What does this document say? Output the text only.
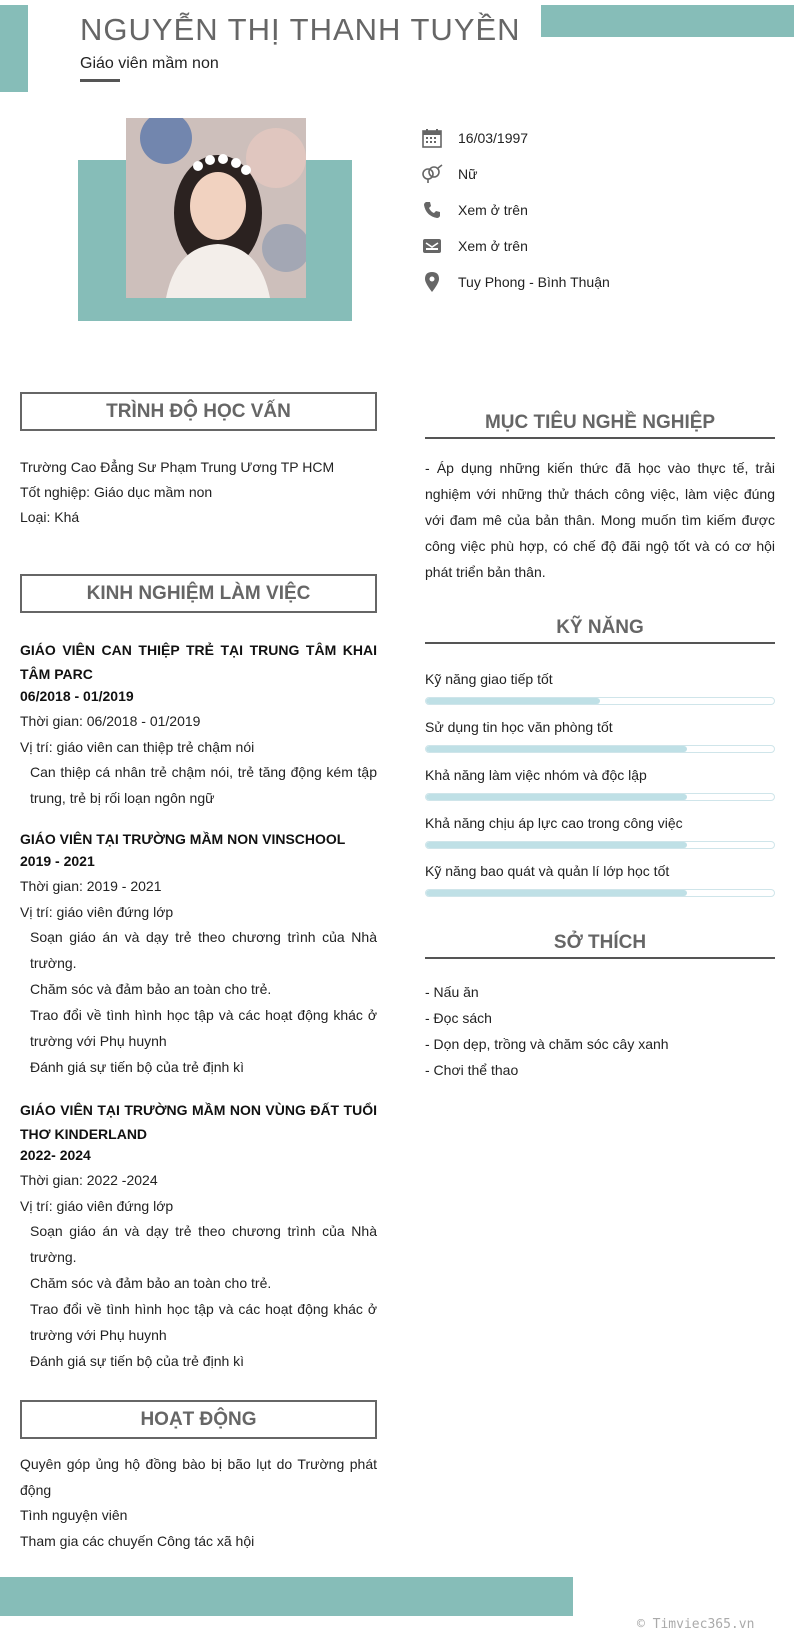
NGUYỄN THỊ THANH TUYỀN
Giáo viên mầm non
16/03/1997
Nữ
Xem ở trên
Xem ở trên
Tuy Phong - Bình Thuận
TRÌNH ĐỘ HỌC VẤN
Trường Cao Đẳng Sư Phạm Trung Ương TP HCM
Tốt nghiệp: Giáo dục mầm non
Loại: Khá
KINH NGHIỆM LÀM VIỆC
GIÁO VIÊN CAN THIỆP TRẺ TẠI TRUNG TÂM KHAI TÂM PARC
06/2018 - 01/2019
Thời gian: 06/2018 - 01/2019
Vị trí: giáo viên can thiệp trẻ chậm nói
Can thiệp cá nhân trẻ chậm nói, trẻ tăng động kém tập trung, trẻ bị rối loạn ngôn ngữ
GIÁO VIÊN TẠI TRƯỜNG MẦM NON VINSCHOOL
2019 - 2021
Thời gian: 2019 - 2021
Vị trí: giáo viên đứng lớp
Soạn giáo án và dạy trẻ theo chương trình của Nhà trường.
Chăm sóc và đảm bảo an toàn cho trẻ.
Trao đổi về tình hình học tập và các hoạt động khác ở trường với Phụ huynh
Đánh giá sự tiến bộ của trẻ định kì
GIÁO VIÊN TẠI TRƯỜNG MẦM NON VÙNG ĐẤT TUỔI THƠ KINDERLAND
2022- 2024
Thời gian: 2022 -2024
Vị trí: giáo viên đứng lớp
Soạn giáo án và dạy trẻ theo chương trình của Nhà trường.
Chăm sóc và đảm bảo an toàn cho trẻ.
Trao đổi về tình hình học tập và các hoạt động khác ở trường với Phụ huynh
Đánh giá sự tiến bộ của trẻ định kì
HOẠT ĐỘNG
Quyên góp ủng hộ đồng bào bị bão lụt do Trường phát động
Tình nguyện viên
Tham gia các chuyến Công tác xã hội
MỤC TIÊU NGHỀ NGHIỆP
- Áp dụng những kiến thức đã học vào thực tế, trải nghiệm với những thử thách công việc, làm việc đúng với đam mê của bản thân. Mong muốn tìm kiếm được công việc phù hợp, có chế độ đãi ngộ tốt và có cơ hội phát triển bản thân.
KỸ NĂNG
Kỹ năng giao tiếp tốt
Sử dụng tin học văn phòng tốt
Khả năng làm việc nhóm và độc lập
Khả năng chịu áp lực cao trong công việc
Kỹ năng bao quát và quản lí lớp học tốt
SỞ THÍCH
- Nấu ăn
- Đọc sách
- Dọn dẹp, trồng và chăm sóc cây xanh
- Chơi thể thao
© Timviec365.vn
